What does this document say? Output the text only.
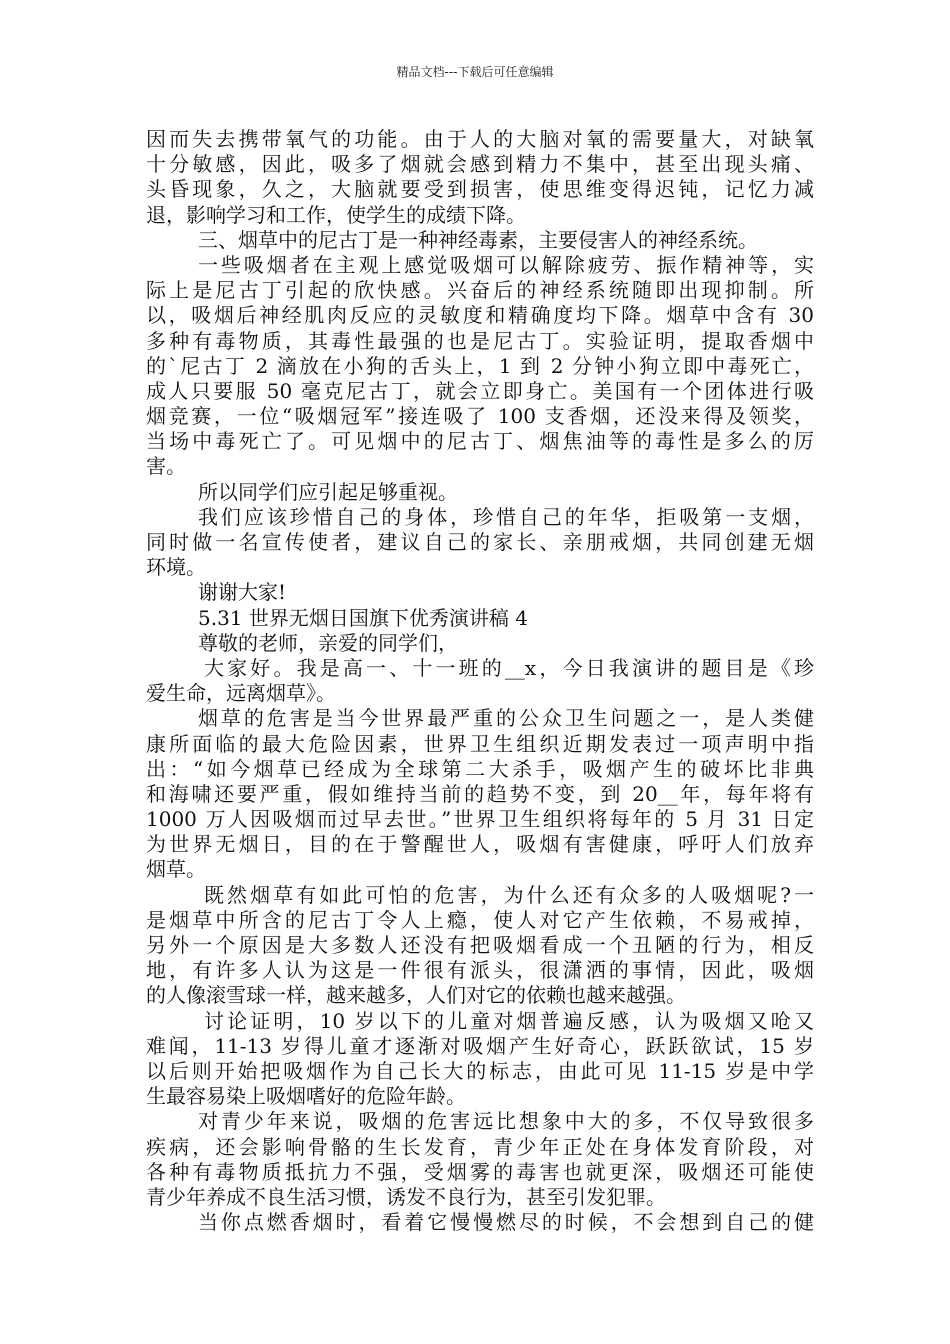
精品文档---下载后可任意编辑
因而失去携带氧气的功能。由于人的大脑对氧的需要量大，对缺氧
十分敏感，因此，吸多了烟就会感到精力不集中，甚至出现头痛、
头昏现象，久之，大脑就要受到损害，使思维变得迟钝，记忆力减
退，影响学习和工作，使学生的成绩下降。
三、烟草中的尼古丁是一种神经毒素，主要侵害人的神经系统。
一些吸烟者在主观上感觉吸烟可以解除疲劳、振作精神等，实
际上是尼古丁引起的欣快感。兴奋后的神经系统随即出现抑制。所
以，吸烟后神经肌肉反应的灵敏度和精确度均下降。烟草中含有 30
多种有毒物质，其毒性最强的也是尼古丁。实验证明，提取香烟中
的`尼古丁 2 滴放在小狗的舌头上，1 到 2 分钟小狗立即中毒死亡，
成人只要服 50 毫克尼古丁，就会立即身亡。美国有一个团体进行吸
烟竞赛，一位“吸烟冠军”接连吸了 100 支香烟，还没来得及领奖，
当场中毒死亡了。可见烟中的尼古丁、烟焦油等的毒性是多么的厉
害。
所以同学们应引起足够重视。
我们应该珍惜自己的身体，珍惜自己的年华，拒吸第一支烟，
同时做一名宣传使者，建议自己的家长、亲朋戒烟，共同创建无烟
环境。
谢谢大家!
5.31 世界无烟日国旗下优秀演讲稿 4
尊敬的老师，亲爱的同学们，
大家好。我是高一、十一班的__x，今日我演讲的题目是《珍
爱生命，远离烟草》。
烟草的危害是当今世界最严重的公众卫生问题之一，是人类健
康所面临的最大危险因素，世界卫生组织近期发表过一项声明中指
出：“如今烟草已经成为全球第二大杀手，吸烟产生的破坏比非典
和海啸还要严重，假如维持当前的趋势不变，到 20__年，每年将有
1000 万人因吸烟而过早去世。”世界卫生组织将每年的 5 月 31 日定
为世界无烟日，目的在于警醒世人，吸烟有害健康，呼吁人们放弃
烟草。
既然烟草有如此可怕的危害，为什么还有众多的人吸烟呢?一
是烟草中所含的尼古丁令人上瘾，使人对它产生依赖，不易戒掉，
另外一个原因是大多数人还没有把吸烟看成一个丑陋的行为，相反
地，有许多人认为这是一件很有派头，很潇洒的事情，因此，吸烟
的人像滚雪球一样，越来越多，人们对它的依赖也越来越强。
讨论证明，10 岁以下的儿童对烟普遍反感，认为吸烟又呛又
难闻，11-13 岁得儿童才逐渐对吸烟产生好奇心，跃跃欲试，15 岁
以后则开始把吸烟作为自己长大的标志，由此可见 11-15 岁是中学
生最容易染上吸烟嗜好的危险年龄。
对青少年来说，吸烟的危害远比想象中大的多，不仅导致很多
疾病，还会影响骨骼的生长发育，青少年正处在身体发育阶段，对
各种有毒物质抵抗力不强，受烟雾的毒害也就更深，吸烟还可能使
青少年养成不良生活习惯，诱发不良行为，甚至引发犯罪。
当你点燃香烟时，看着它慢慢燃尽的时候，不会想到自己的健
